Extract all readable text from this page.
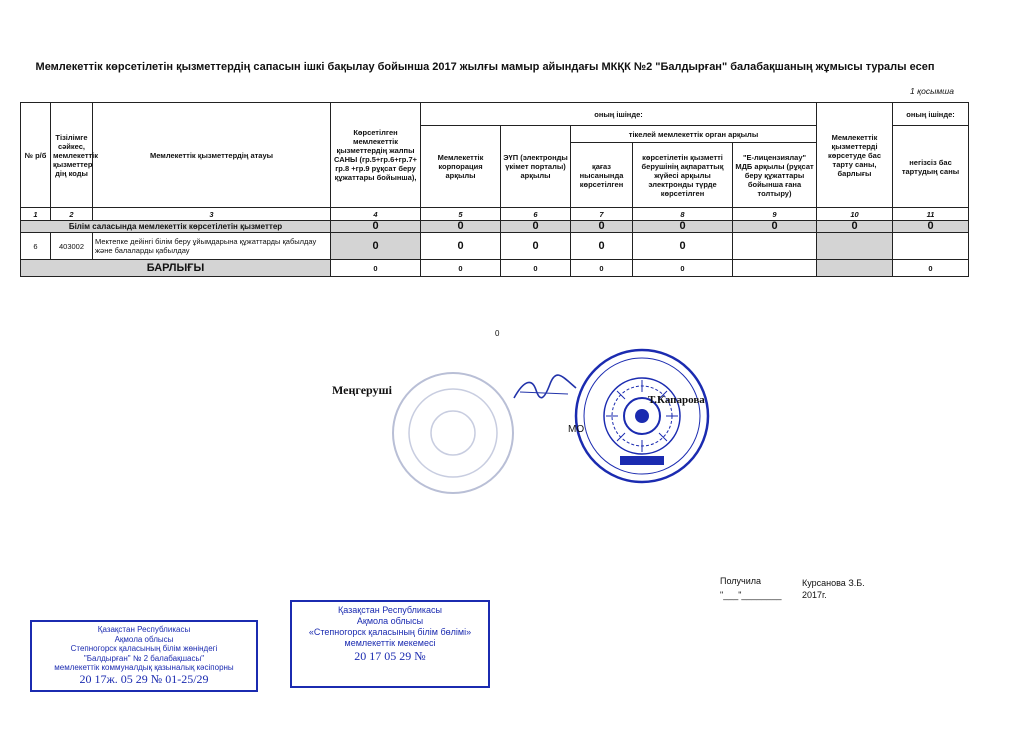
1 қосымша
Мемлекеттік көрсетілетін қызметтердің сапасын ішкі бақылау бойынша 2017 жылғы мамыр айындағы МКҚК №2 "Балдырған" балабақшаның жұмысы туралы есеп
№ р/б	Тізілімге сәйкес, мемлекеттік қызметтер дің коды	Мемлекеттік қызметтердің атауы	Көрсетілген мемлекеттік қызметтердің жалпы САНЫ (гр.5+гр.6+гр.7+ гр.8 +гр.9 рұқсат беру құжаттары бойынша),	оның ішінде:					Мемлекеттік қызметтерді көрсетуде бас тарту саны, барлығы	оның ішінде:
				Мемлекеттік корпорация арқылы	ЭҮП (электронды үкімет порталы) арқылы	тікелей мемлекеттік орган арқылы				негізсіз бас тартудың саны
						қағаз нысанында көрсетілген	көрсетілетін қызметті берушінің ақпараттық жүйесі арқылы электронды түрде көрсетілген	"Е-лицензиялау" МДБ арқылы (рұқсат беру құжаттары бойынша ғана толтыру)		
1	2	3	4	5	6	7	8	9	10	11
Білім саласында мемлекеттік көрсетілетін қызметтер			0	0	0	0	0	0	0	0
6	403002	Мектепке дейінгі білім беру ұйымдарына құжаттарды қабылдау және балаларды қабылдау	0	0	0	0	0			
БАРЛЫҒЫ			0	0	0	0	0			0
0
Меңгеруші
Т.Капарова
МО
Получила
"___"________
Курсанова З.Б.
2017г.
Қазақстан Республикасы
Ақмола облысы
Степногорск қаласының білім жөніндегі
"Балдырған" № 2 балабақшасы"
мемлекеттік коммуналдық қазыналық кәсіпорны
20 17ж. 05 29 № 01-25/29
Қазақстан Республикасы
Ақмола облысы
«Степногорск қаласының білім бөлімі»
мемлекеттік мекемесі
20 17 05 29 №
